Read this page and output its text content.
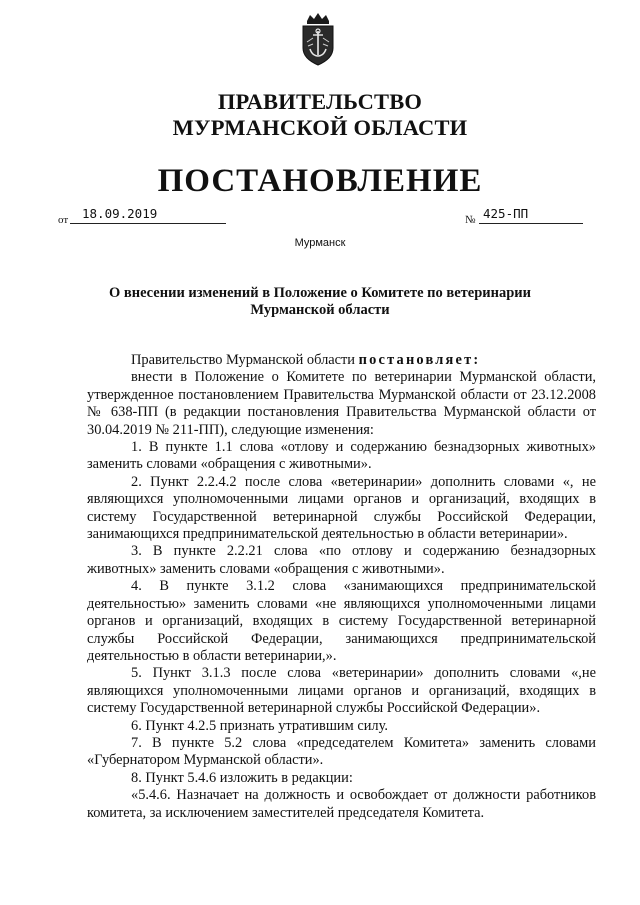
ПРАВИТЕЛЬСТВО
МУРМАНСКОЙ ОБЛАСТИ
ПОСТАНОВЛЕНИЕ
от	18.09.2019	№ 425-ПП
Мурманск
О внесении изменений в Положение о Комитете по ветеринарии Мурманской области

Правительство Мурманской области постановляет:

внести в Положение о Комитете по ветеринарии Мурманской области, утвержденное постановлением Правительства Мурманской области от 23.12.2008 № 638-ПП (в редакции постановления Правительства Мурманской области от 30.04.2019 № 211-ПП), следующие изменения:

1. В пункте 1.1 слова «отлову и содержанию безнадзорных животных» заменить словами «обращения с животными».

2. Пункт 2.2.4.2 после слова «ветеринарии» дополнить словами «, не являющихся уполномоченными лицами органов и организаций, входящих в систему Государственной ветеринарной службы Российской Федерации, занимающихся предпринимательской деятельностью в области ветеринарии».

3. В пункте 2.2.21 слова «по отлову и содержанию безнадзорных животных» заменить словами «обращения с животными».

4. В пункте 3.1.2 слова «занимающихся предпринимательской деятельностью» заменить словами «не являющихся уполномоченными лицами органов и организаций, входящих в систему Государственной ветеринарной службы Российской Федерации, занимающихся предпринимательской деятельностью в области ветеринарии,».

5. Пункт 3.1.3 после слова «ветеринарии» дополнить словами «,не являющихся уполномоченными лицами органов и организаций, входящих в систему Государственной ветеринарной службы Российской Федерации».

6. Пункт 4.2.5 признать утратившим силу.

7. В пункте 5.2 слова «председателем Комитета» заменить словами «Губернатором Мурманской области».

8. Пункт 5.4.6 изложить в редакции:

«5.4.6. Назначает на должность и освобождает от должности работников комитета, за исключением заместителей председателя Комитета.
